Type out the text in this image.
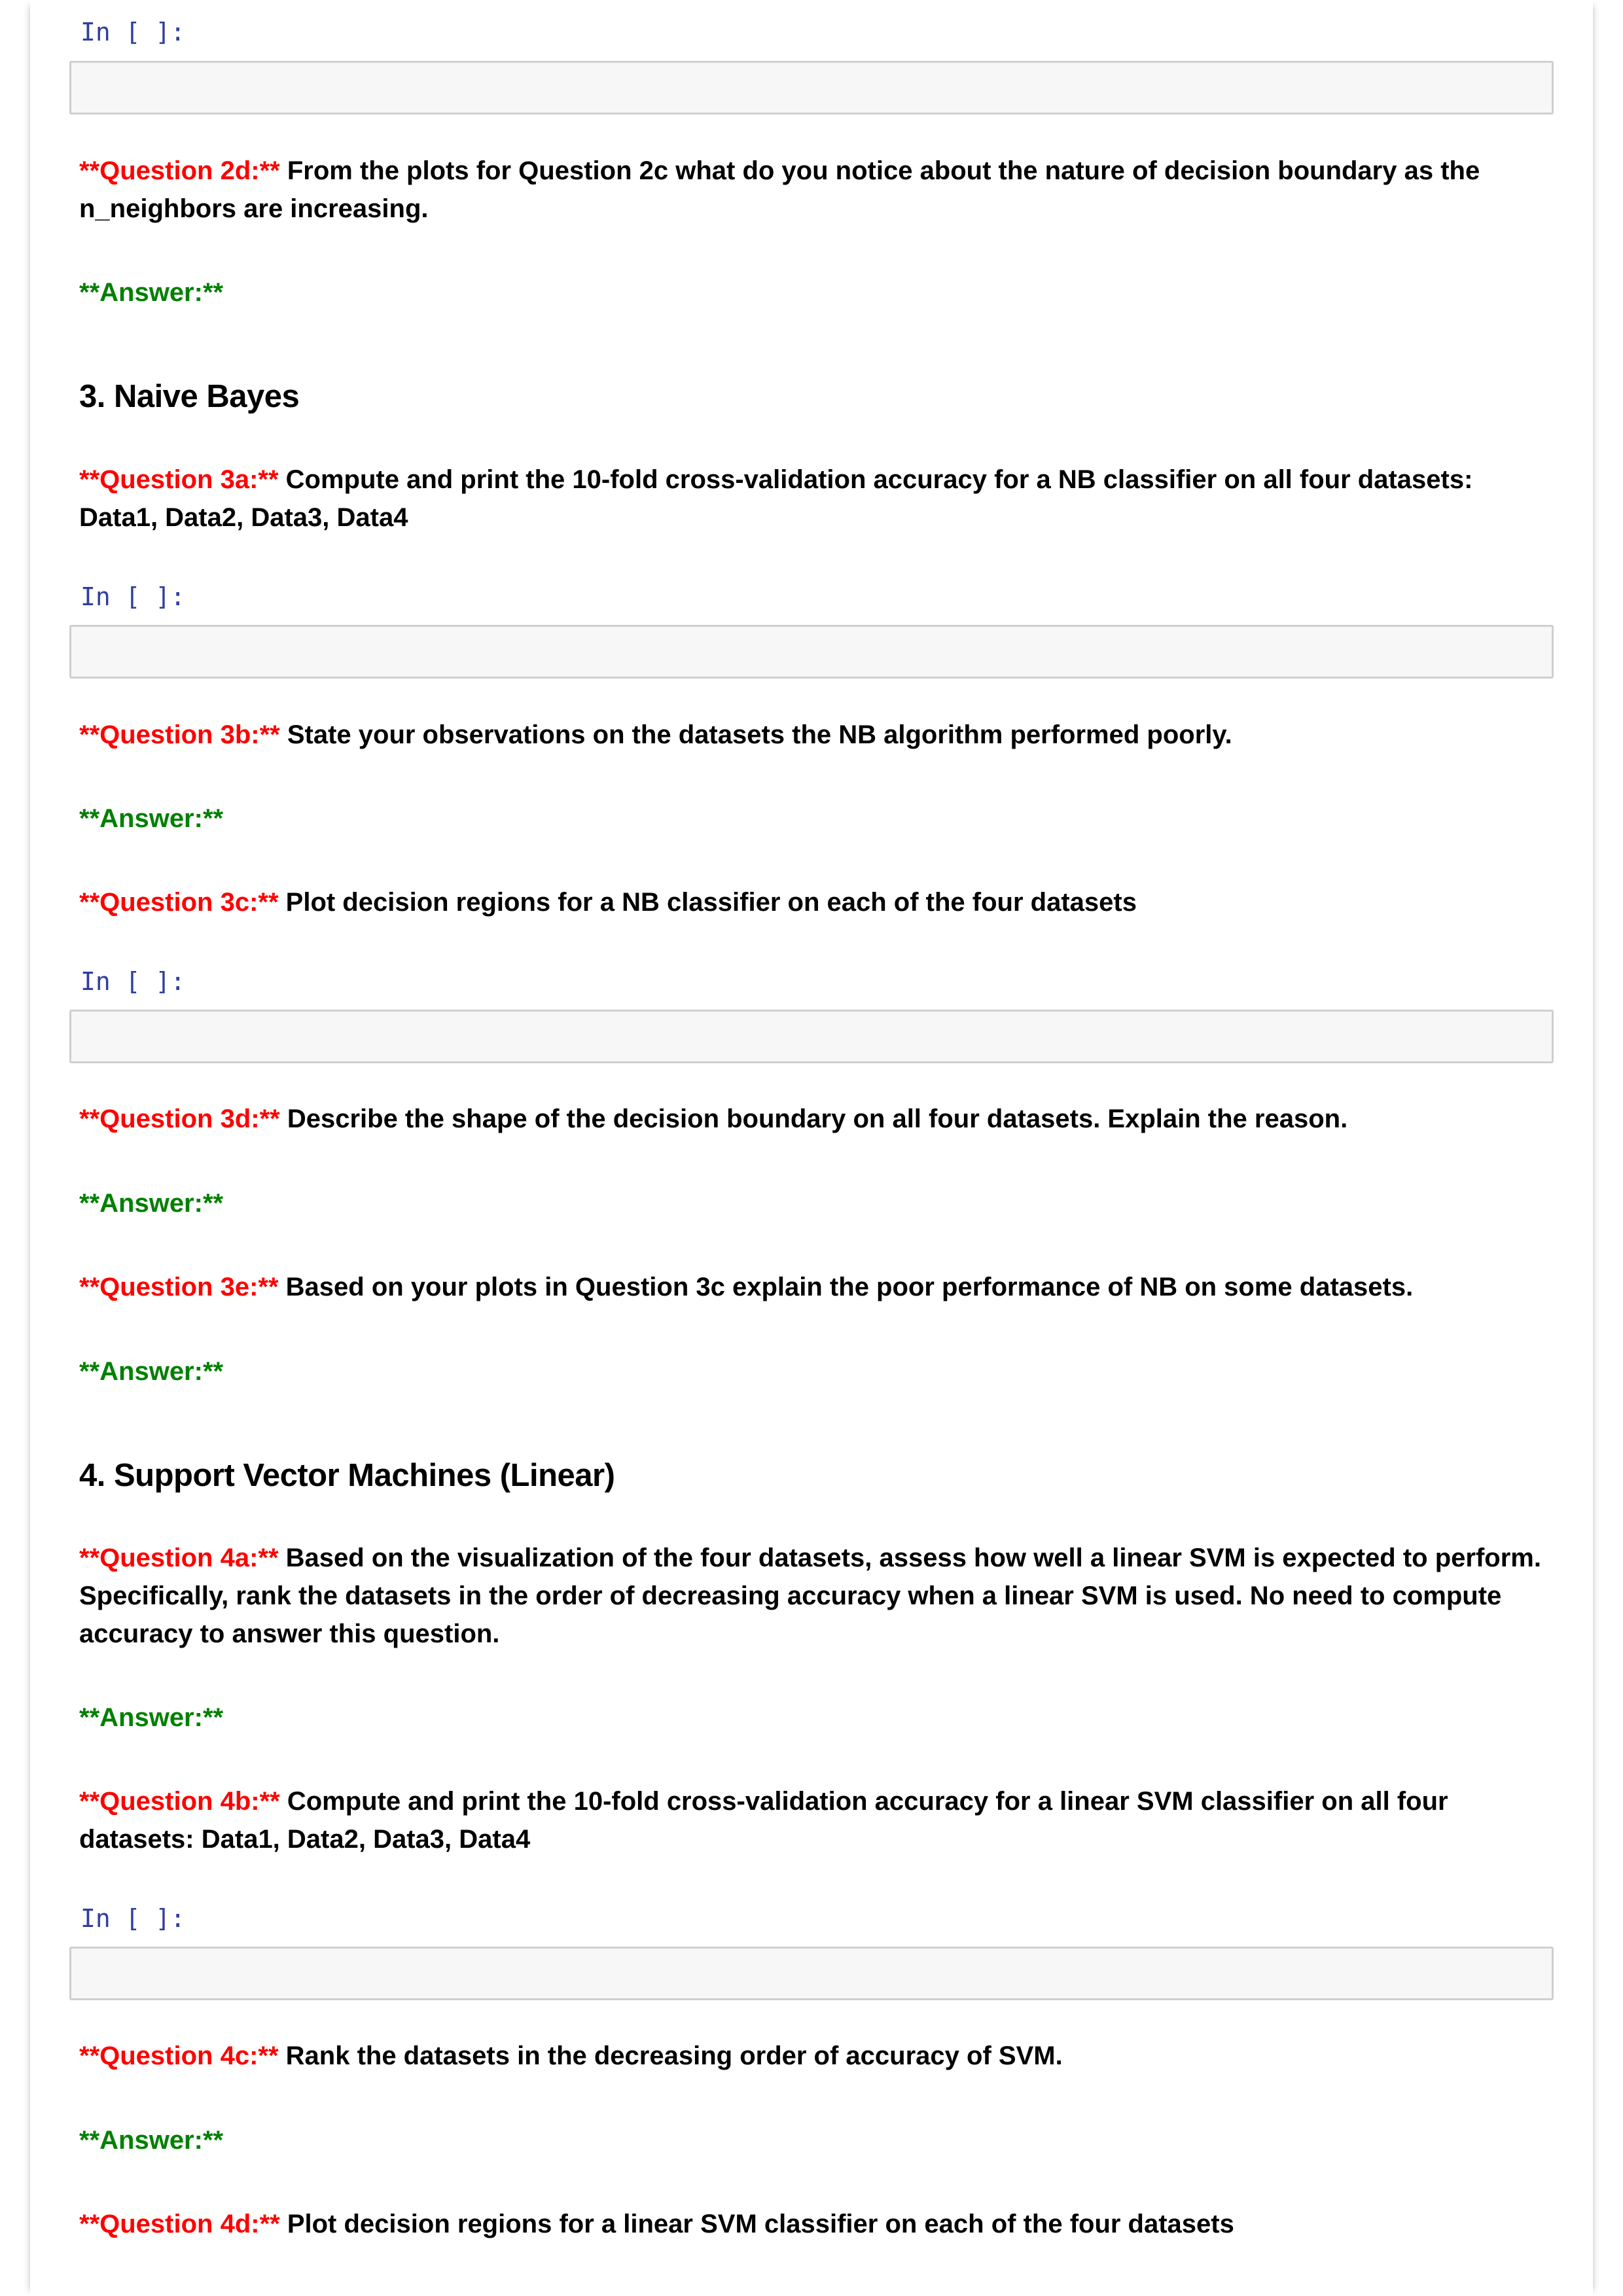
In [ ]:
**Question 2d:** From the plots for Question 2c what do you notice about the nature of decision boundary as the n_neighbors are increasing.
**Answer:**
3. Naive Bayes
**Question 3a:** Compute and print the 10-fold cross-validation accuracy for a NB classifier on all four datasets: Data1, Data2, Data3, Data4
In [ ]:
**Question 3b:** State your observations on the datasets the NB algorithm performed poorly.
**Answer:**
**Question 3c:** Plot decision regions for a NB classifier on each of the four datasets
In [ ]:
**Question 3d:** Describe the shape of the decision boundary on all four datasets. Explain the reason.
**Answer:**
**Question 3e:** Based on your plots in Question 3c explain the poor performance of NB on some datasets.
**Answer:**
4. Support Vector Machines (Linear)
**Question 4a:** Based on the visualization of the four datasets, assess how well a linear SVM is expected to perform. Specifically, rank the datasets in the order of decreasing accuracy when a linear SVM is used. No need to compute accuracy to answer this question.
**Answer:**
**Question 4b:** Compute and print the 10-fold cross-validation accuracy for a linear SVM classifier on all four datasets: Data1, Data2, Data3, Data4
In [ ]:
**Question 4c:** Rank the datasets in the decreasing order of accuracy of SVM.
**Answer:**
**Question 4d:** Plot decision regions for a linear SVM classifier on each of the four datasets
